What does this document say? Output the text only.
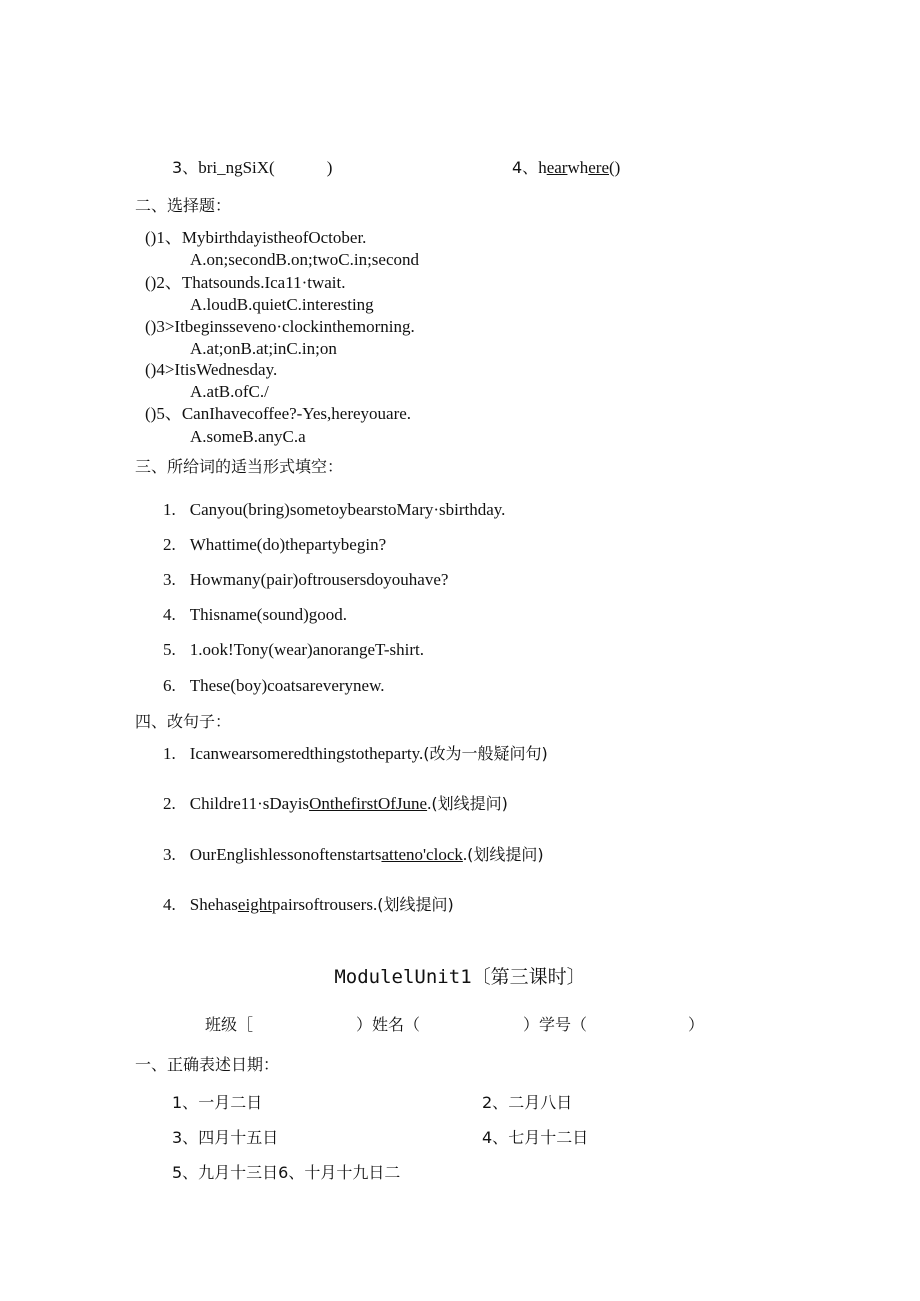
3、bri_ngSiX(	)	4、hearwhere()
二、选择题：
()1、MybirthdayistheofOctober.
A.on;secondB.on;twoC.in;second
()2、Thatsounds.Ica11·twait.
A.loudB.quietC.interesting
()3>Itbeginsseveno·clockinthemorning.
A.at;onB.at;inC.in;on
()4>ItisWednesday.
A.atB.ofC./
()5、CanIhavecoffee?-Yes,hereyouare.
A.someB.anyC.a
三、所给词的适当形式填空：
1. Canyou(bring)sometoybearstoMary·sbirthday.
2. Whattime(do)thepartybegin?
3. Howmany(pair)oftrousersdoyouhave?
4. Thisname(sound)good.
5. 1.ook!Tony(wear)anorangeT-shirt.
6. These(boy)coatsareverynew.
四、改句子：
1. Icanwearsomeredthingstotheparty.(改为一般疑问句)
2. Childre11·sDayisOnthefirstOfJune.(划线提问)
3. OurEnglishlessonoftenstartsatteno'clock.(划线提问)
4. Shehaseightpairsoftrousers.(划线提问)
ModulelUnit1〔第三课时〕
班级［	）姓名（	）学号（	）
一、正确表述日期：
1、一月二日	2、二月八日
3、四月十五日	4、七月十二日
5、九月十三日6、十月十九日二
